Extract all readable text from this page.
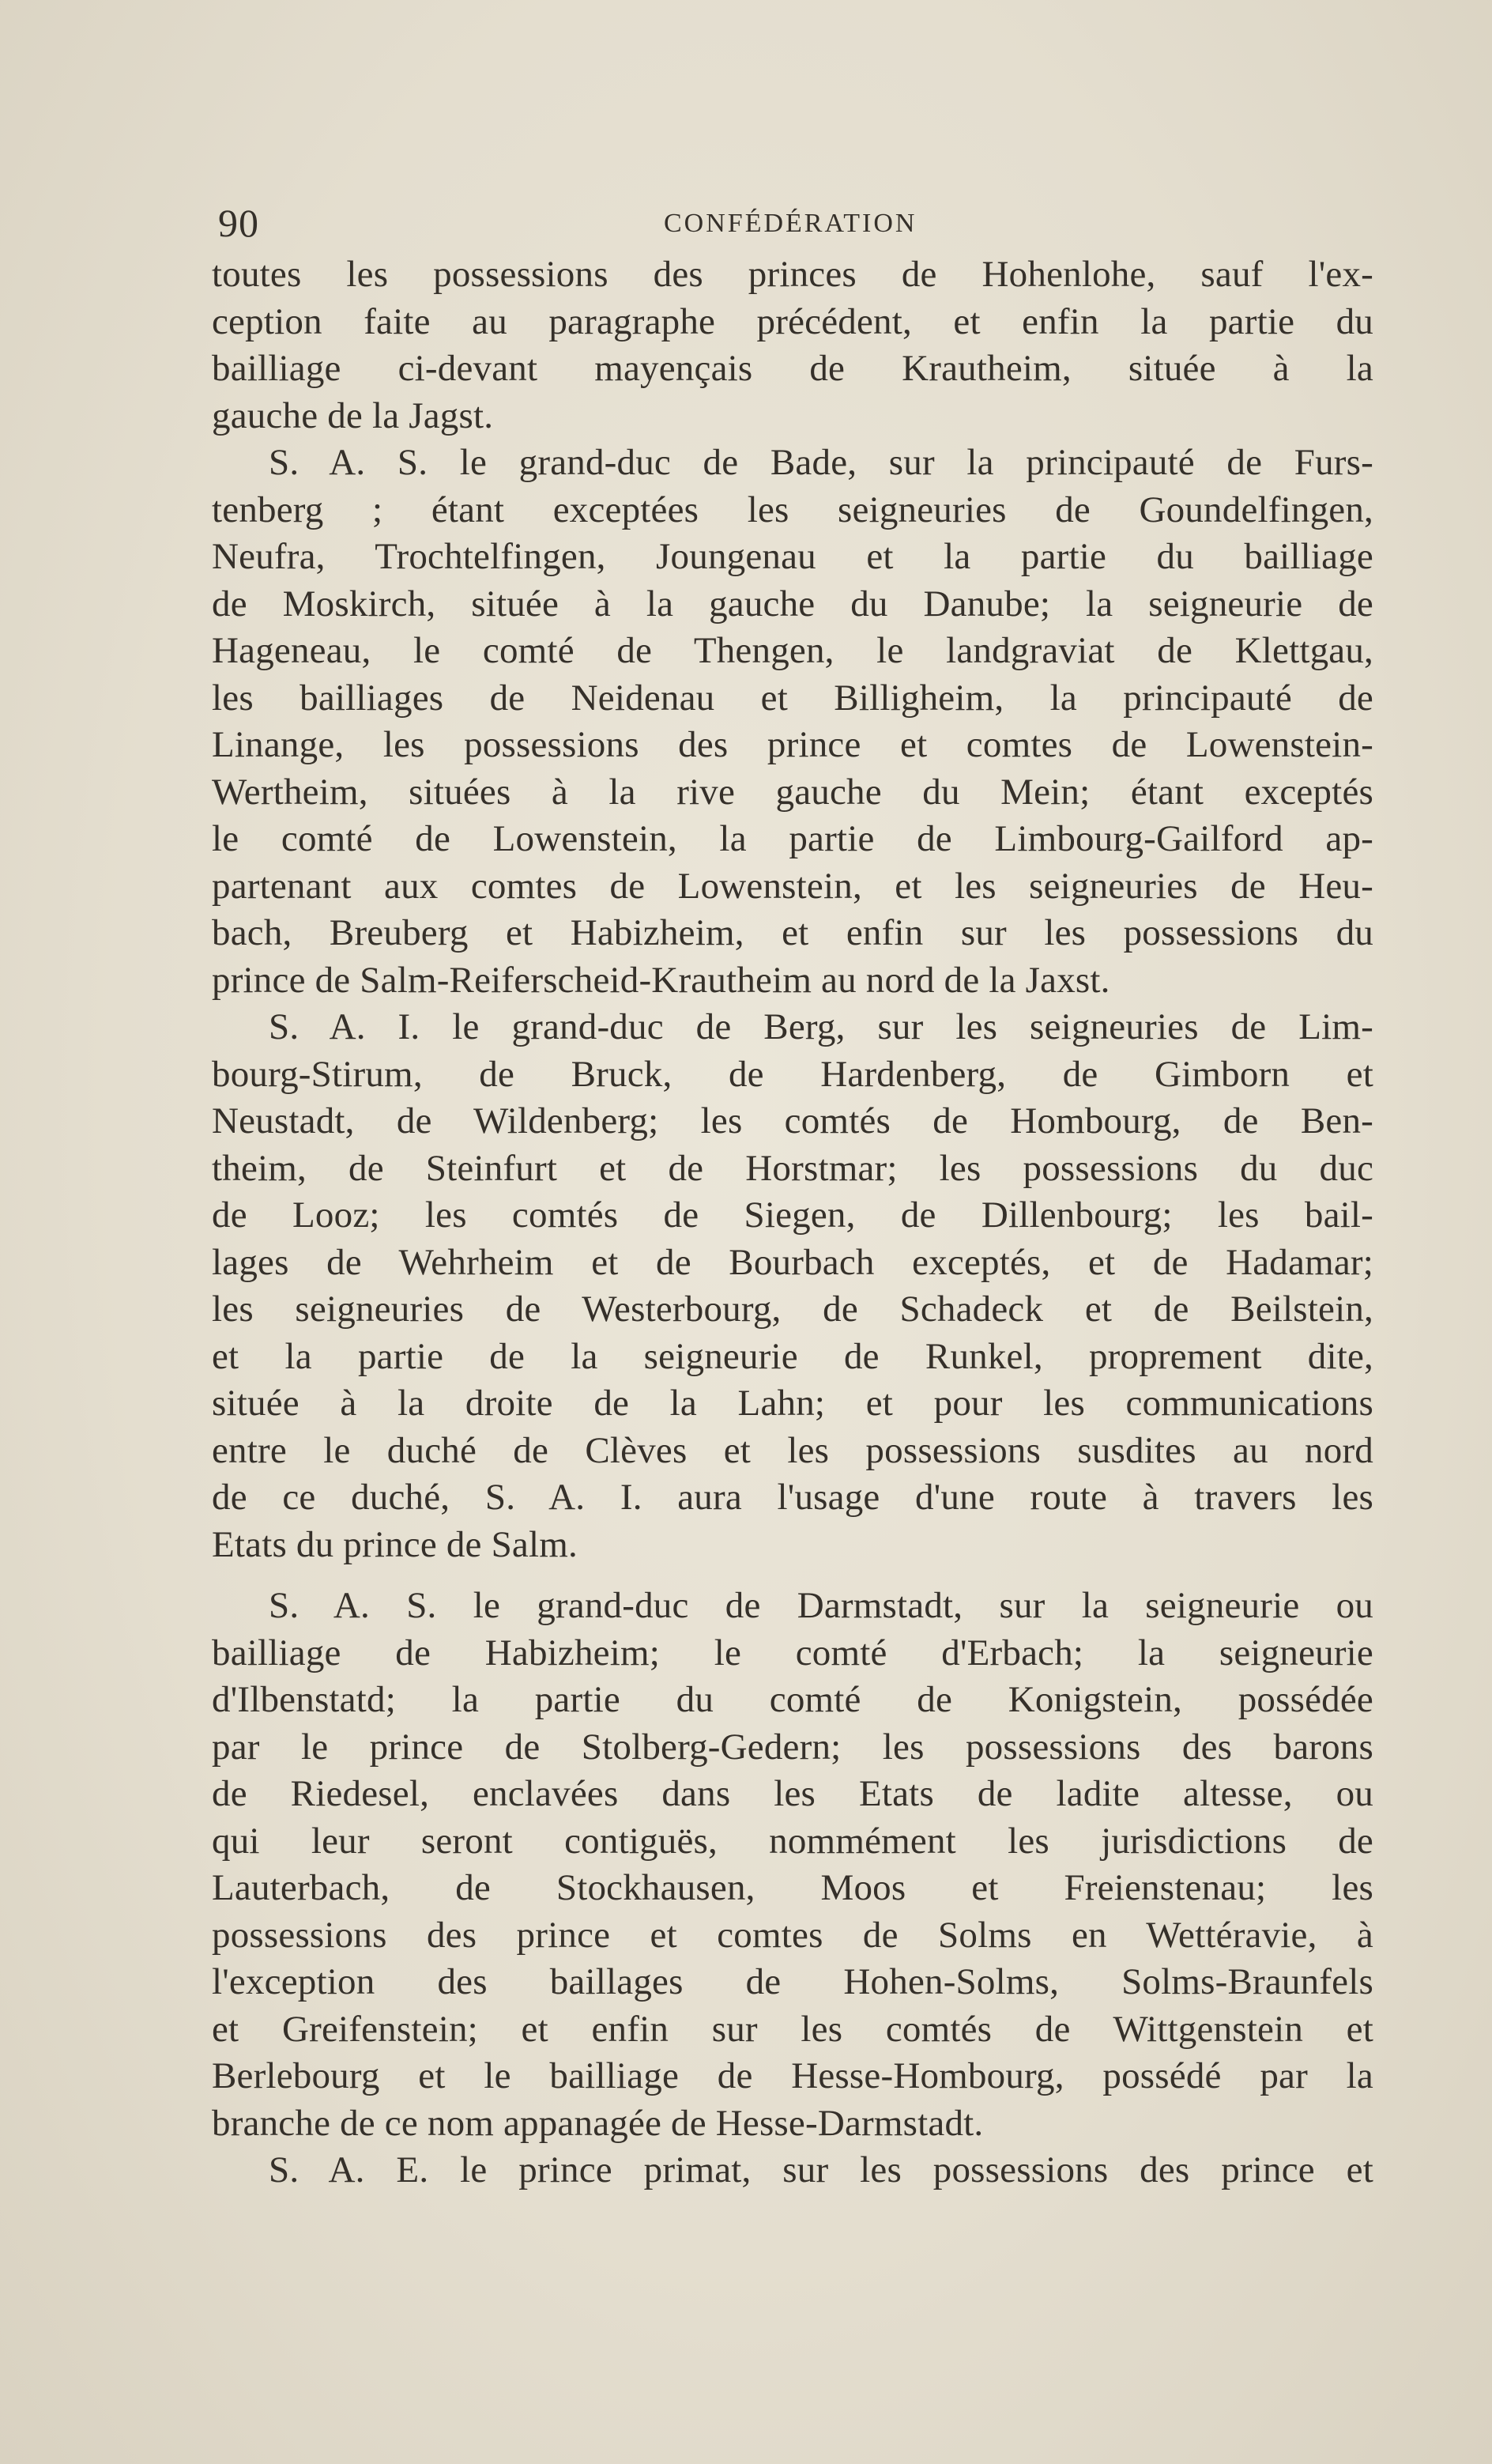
90	CONFÉDÉRATION
toutes les possessions des princes de Hohenlohe, sauf l'ex-
ception faite au paragraphe précédent, et enfin la partie du
bailliage ci-devant mayençais de Krautheim, située à la
gauche de la Jagst.
S. A. S. le grand-duc de Bade, sur la principauté de Furs-
tenberg ; étant exceptées les seigneuries de Goundelfingen,
Neufra, Trochtelfingen, Joungenau et la partie du bailliage
de Moskirch, située à la gauche du Danube; la seigneurie de
Hageneau, le comté de Thengen, le landgraviat de Klettgau,
les bailliages de Neidenau et Billigheim, la principauté de
Linange, les possessions des prince et comtes de Lowenstein-
Wertheim, situées à la rive gauche du Mein; étant exceptés
le comté de Lowenstein, la partie de Limbourg-Gailford ap-
partenant aux comtes de Lowenstein, et les seigneuries de Heu-
bach, Breuberg et Habizheim, et enfin sur les possessions du
prince de Salm-Reiferscheid-Krautheim au nord de la Jaxst.
S. A. I. le grand-duc de Berg, sur les seigneuries de Lim-
bourg-Stirum, de Bruck, de Hardenberg, de Gimborn et
Neustadt, de Wildenberg; les comtés de Hombourg, de Ben-
theim, de Steinfurt et de Horstmar; les possessions du duc
de Looz; les comtés de Siegen, de Dillenbourg; les bail-
lages de Wehrheim et de Bourbach exceptés, et de Hadamar;
les seigneuries de Westerbourg, de Schadeck et de Beilstein,
et la partie de la seigneurie de Runkel, proprement dite,
située à la droite de la Lahn; et pour les communications
entre le duché de Clèves et les possessions susdites au nord
de ce duché, S. A. I. aura l'usage d'une route à travers les
Etats du prince de Salm.
S. A. S. le grand-duc de Darmstadt, sur la seigneurie ou
bailliage de Habizheim; le comté d'Erbach; la seigneurie
d'Ilbenstatd; la partie du comté de Konigstein, possédée
par le prince de Stolberg-Gedern; les possessions des barons
de Riedesel, enclavées dans les Etats de ladite altesse, ou
qui leur seront contiguës, nommément les jurisdictions de
Lauterbach, de Stockhausen, Moos et Freienstenau; les
possessions des prince et comtes de Solms en Wettéravie, à
l'exception des baillages de Hohen-Solms, Solms-Braunfels
et Greifenstein; et enfin sur les comtés de Wittgenstein et
Berlebourg et le bailliage de Hesse-Hombourg, possédé par la
branche de ce nom appanagée de Hesse-Darmstadt.
S. A. E. le prince primat, sur les possessions des prince et
